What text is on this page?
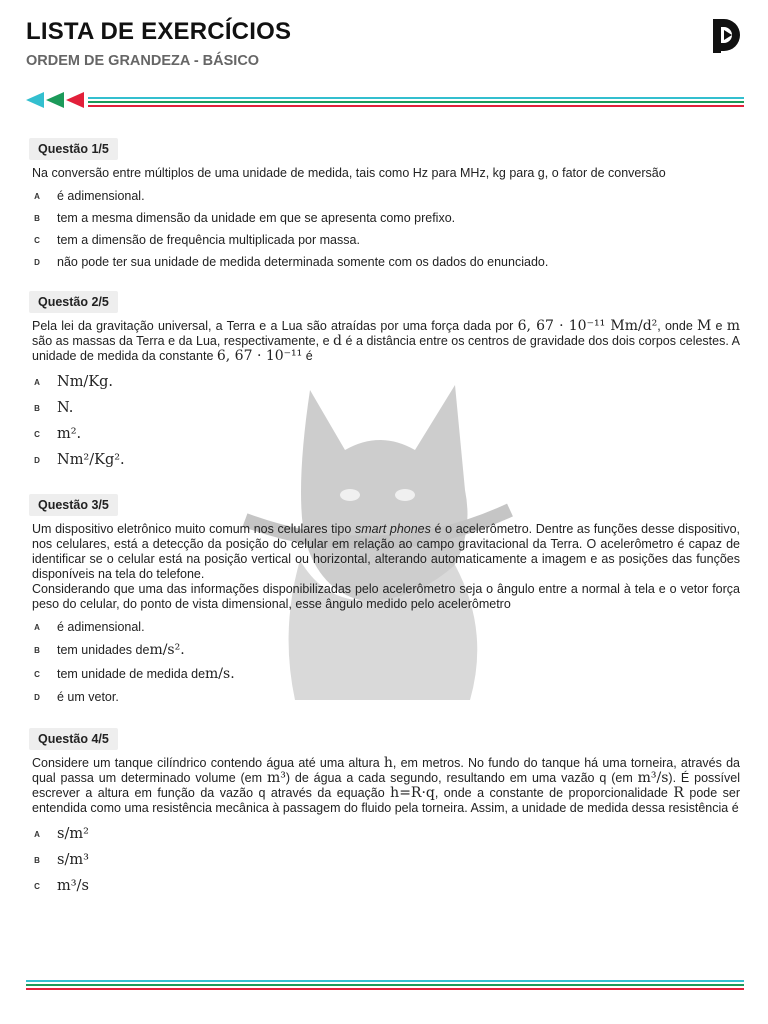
LISTA DE EXERCÍCIOS
ORDEM DE GRANDEZA - BÁSICO
Questão 1/5
Na conversão entre múltiplos de uma unidade de medida, tais como Hz para MHz, kg para g, o fator de conversão
A é adimensional.
B tem a mesma dimensão da unidade em que se apresenta como prefixo.
C tem a dimensão de frequência multiplicada por massa.
D não pode ter sua unidade de medida determinada somente com os dados do enunciado.
Questão 2/5
Pela lei da gravitação universal, a Terra e a Lua são atraídas por uma força dada por 6, 67 · 10⁻¹¹ Mm/d², onde M e m são as massas da Terra e da Lua, respectivamente, e d é a distância entre os centros de gravidade dos dois corpos celestes. A unidade de medida da constante 6, 67 · 10⁻¹¹ é
A Nm/Kg.
B N.
C m².
D Nm²/Kg².
Questão 3/5
Um dispositivo eletrônico muito comum nos celulares tipo smart phones é o acelerômetro. Dentre as funções desse dispositivo, nos celulares, está a detecção da posição do celular em relação ao campo gravitacional da Terra. O acelerômetro é capaz de identificar se o celular está na posição vertical ou horizontal, alterando automaticamente a imagem e as posições das funções disponíveis na tela do telefone.
Considerando que uma das informações disponibilizadas pelo acelerômetro seja o ângulo entre a normal à tela e o vetor força peso do celular, do ponto de vista dimensional, esse ângulo medido pelo acelerômetro
A é adimensional.
B tem unidades de m/s².
C tem unidade de medida de m/s.
D é um vetor.
Questão 4/5
Considere um tanque cilíndrico contendo água até uma altura h, em metros. No fundo do tanque há uma torneira, através da qual passa um determinado volume (em m³) de água a cada segundo, resultando em uma vazão q (em m³/s). É possível escrever a altura em função da vazão q através da equação h=R·q, onde a constante de proporcionalidade R pode ser entendida como uma resistência mecânica à passagem do fluido pela torneira. Assim, a unidade de medida dessa resistência é
A s/m²
B s/m³
C m³/s
